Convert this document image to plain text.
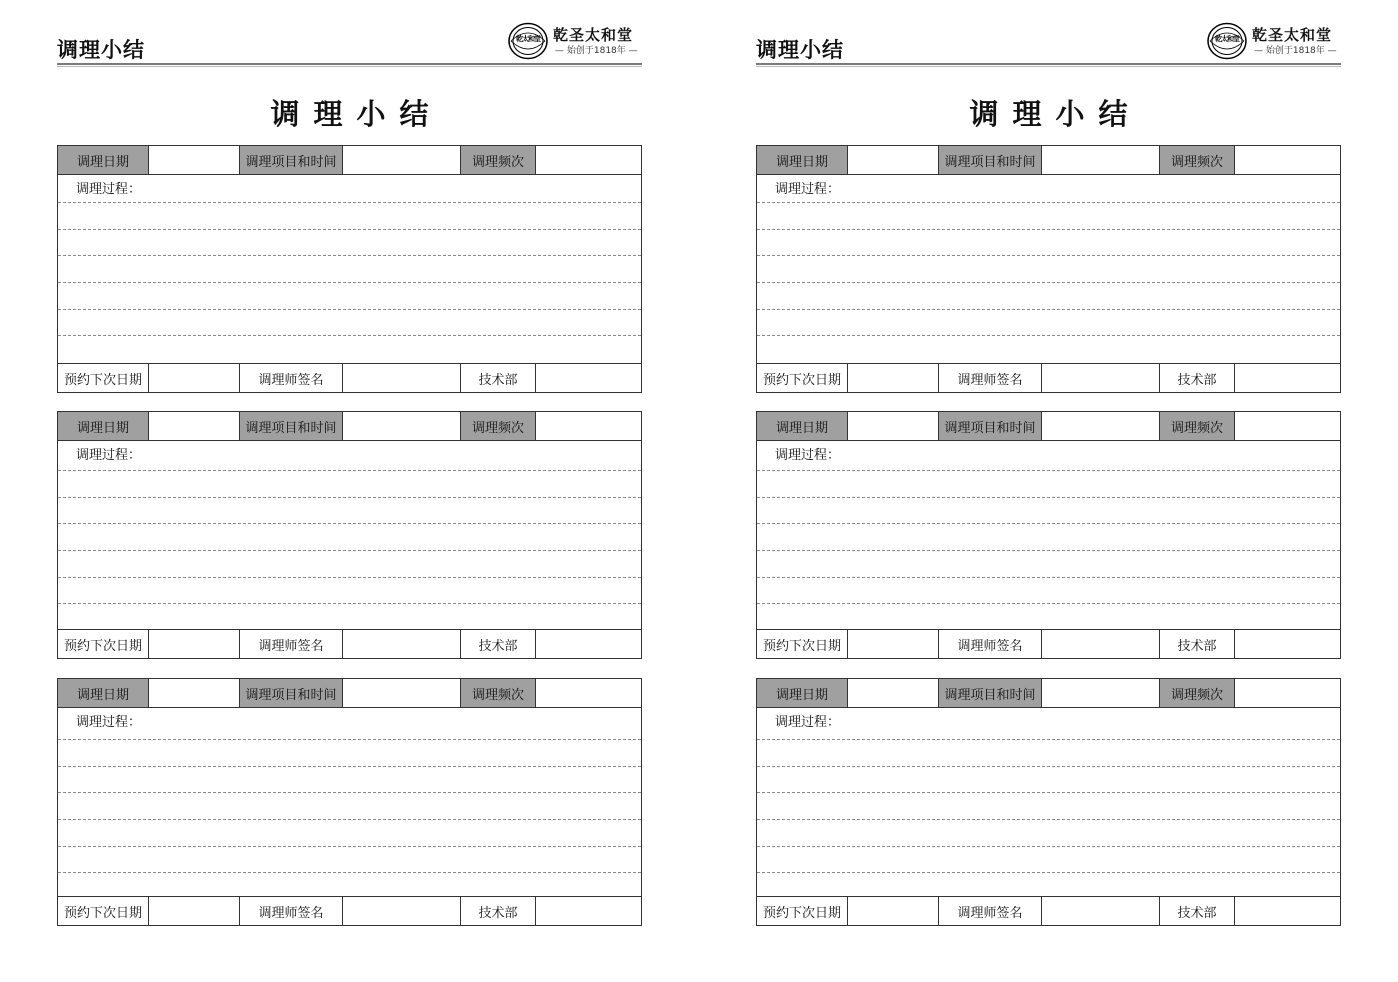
调理小结	乾太和堂 乾圣太和堂
— 始创于1818年 —
调理小结
调理日期	调理项目和时间	调理频次
调理过程：
预约下次日期	调理师签名	技术部
调理日期	调理项目和时间	调理频次
调理过程：
预约下次日期	调理师签名	技术部
调理日期	调理项目和时间	调理频次
调理过程：
预约下次日期	调理师签名	技术部
调理小结	乾太和堂 乾圣太和堂
— 始创于1818年 —
调理小结
调理日期	调理项目和时间	调理频次
调理过程：
预约下次日期	调理师签名	技术部
调理日期	调理项目和时间	调理频次
调理过程：
预约下次日期	调理师签名	技术部
调理日期	调理项目和时间	调理频次
调理过程：
预约下次日期	调理师签名	技术部
